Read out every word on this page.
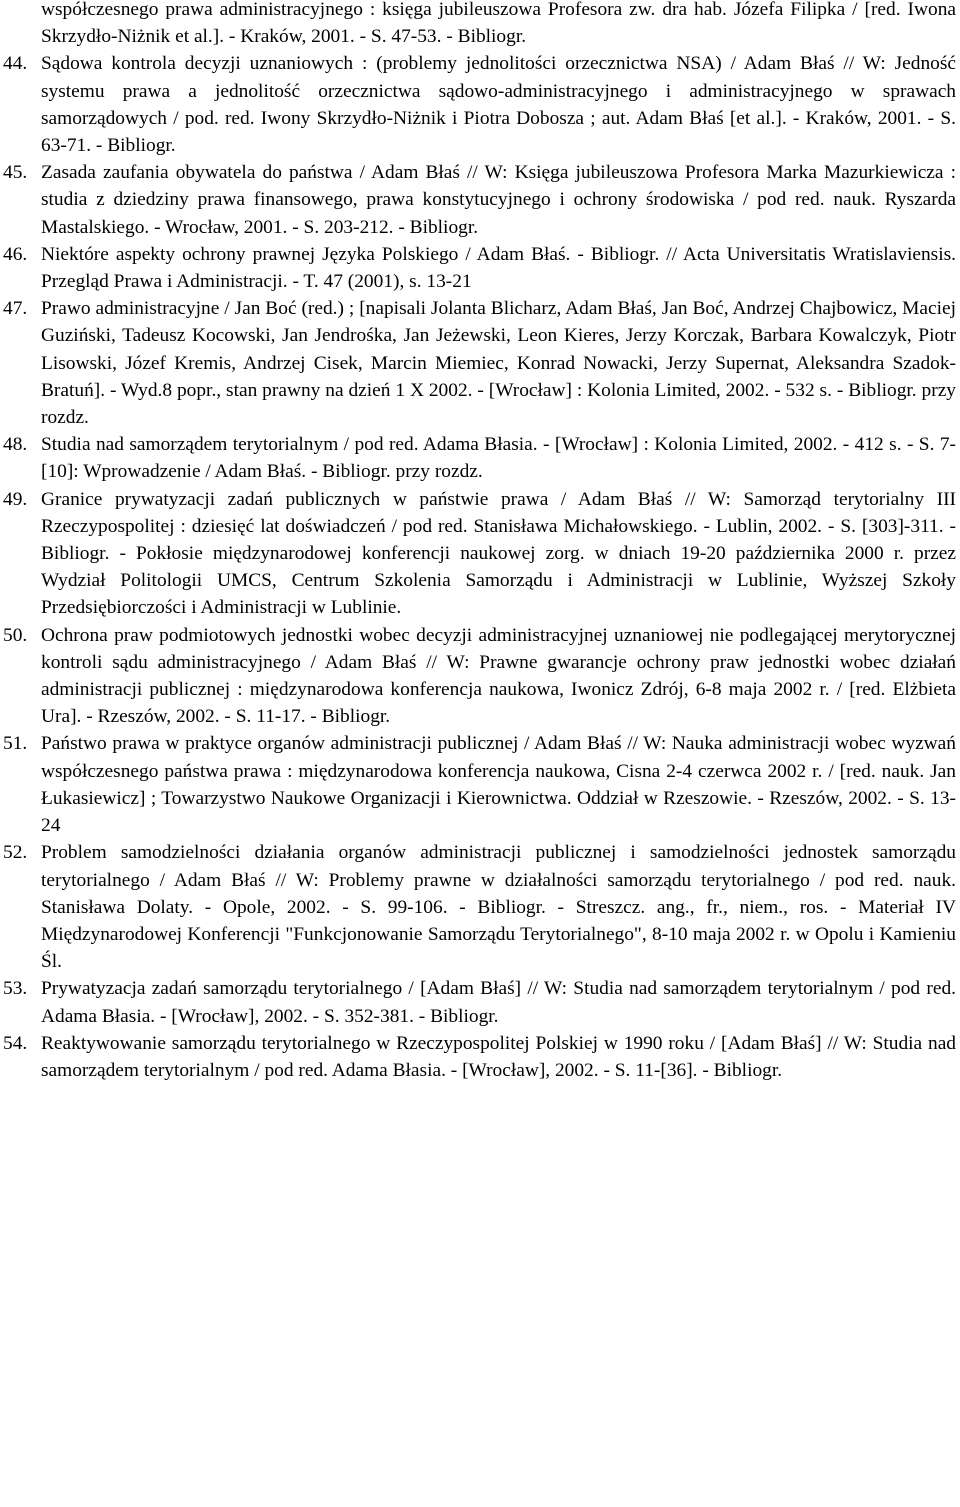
współczesnego prawa administracyjnego : księga jubileuszowa Profesora zw. dra hab. Józefa Filipka / [red. Iwona Skrzydło-Niżnik et al.]. - Kraków, 2001. - S. 47-53. - Bibliogr.

44. Sądowa kontrola decyzji uznaniowych : (problemy jednolitości orzecznictwa NSA) / Adam Błaś // W: Jedność systemu prawa a jednolitość orzecznictwa sądowo-administracyjnego i administracyjnego w sprawach samorządowych / pod. red. Iwony Skrzydło-Niżnik i Piotra Dobosza ; aut. Adam Błaś [et al.]. - Kraków, 2001. - S. 63-71. - Bibliogr.
45. Zasada zaufania obywatela do państwa / Adam Błaś // W: Księga jubileuszowa Profesora Marka Mazurkiewicza : studia z dziedziny prawa finansowego, prawa konstytucyjnego i ochrony środowiska / pod red. nauk. Ryszarda Mastalskiego. - Wrocław, 2001. - S. 203-212. - Bibliogr.
46. Niektóre aspekty ochrony prawnej Języka Polskiego / Adam Błaś. - Bibliogr. // Acta Universitatis Wratislaviensis. Przegląd Prawa i Administracji. - T. 47 (2001), s. 13-21
47. Prawo administracyjne / Jan Boć (red.) ; [napisali Jolanta Blicharz, Adam Błaś, Jan Boć, Andrzej Chajbowicz, Maciej Guziński, Tadeusz Kocowski, Jan Jendrośka, Jan Jeżewski, Leon Kieres, Jerzy Korczak, Barbara Kowalczyk, Piotr Lisowski, Józef Kremis, Andrzej Cisek, Marcin Miemiec, Konrad Nowacki, Jerzy Supernat, Aleksandra Szadok-Bratuń]. - Wyd.8 popr., stan prawny na dzień 1 X 2002. - [Wrocław] : Kolonia Limited, 2002. - 532 s. - Bibliogr. przy rozdz.
48. Studia nad samorządem terytorialnym / pod red. Adama Błasia. - [Wrocław] : Kolonia Limited, 2002. - 412 s. - S. 7-[10]: Wprowadzenie / Adam Błaś. - Bibliogr. przy rozdz.
49. Granice prywatyzacji zadań publicznych w państwie prawa / Adam Błaś // W: Samorząd terytorialny III Rzeczypospolitej : dziesięć lat doświadczeń / pod red. Stanisława Michałowskiego. - Lublin, 2002. - S. [303]-311. - Bibliogr. - Pokłosie międzynarodowej konferencji naukowej zorg. w dniach 19-20 października 2000 r. przez Wydział Politologii UMCS, Centrum Szkolenia Samorządu i Administracji w Lublinie, Wyższej Szkoły Przedsiębiorczości i Administracji w Lublinie.
50. Ochrona praw podmiotowych jednostki wobec decyzji administracyjnej uznaniowej nie podlegającej merytorycznej kontroli sądu administracyjnego / Adam Błaś // W: Prawne gwarancje ochrony praw jednostki wobec działań administracji publicznej : międzynarodowa konferencja naukowa, Iwonicz Zdrój, 6-8 maja 2002 r. / [red. Elżbieta Ura]. - Rzeszów, 2002. - S. 11-17. - Bibliogr.
51. Państwo prawa w praktyce organów administracji publicznej / Adam Błaś // W: Nauka administracji wobec wyzwań współczesnego państwa prawa : międzynarodowa konferencja naukowa, Cisna 2-4 czerwca 2002 r. / [red. nauk. Jan Łukasiewicz] ; Towarzystwo Naukowe Organizacji i Kierownictwa. Oddział w Rzeszowie. - Rzeszów, 2002. - S. 13-24
52. Problem samodzielności działania organów administracji publicznej i samodzielności jednostek samorządu terytorialnego / Adam Błaś // W: Problemy prawne w działalności samorządu terytorialnego / pod red. nauk. Stanisława Dolaty. - Opole, 2002. - S. 99-106. - Bibliogr. - Streszcz. ang., fr., niem., ros. - Materiał IV Międzynarodowej Konferencji "Funkcjonowanie Samorządu Terytorialnego", 8-10 maja 2002 r. w Opolu i Kamieniu Śl.
53. Prywatyzacja zadań samorządu terytorialnego / [Adam Błaś] // W: Studia nad samorządem terytorialnym / pod red. Adama Błasia. - [Wrocław], 2002. - S. 352-381. - Bibliogr.
54. Reaktywowanie samorządu terytorialnego w Rzeczypospolitej Polskiej w 1990 roku / [Adam Błaś] // W: Studia nad samorządem terytorialnym / pod red. Adama Błasia. - [Wrocław], 2002. - S. 11-[36]. - Bibliogr.
